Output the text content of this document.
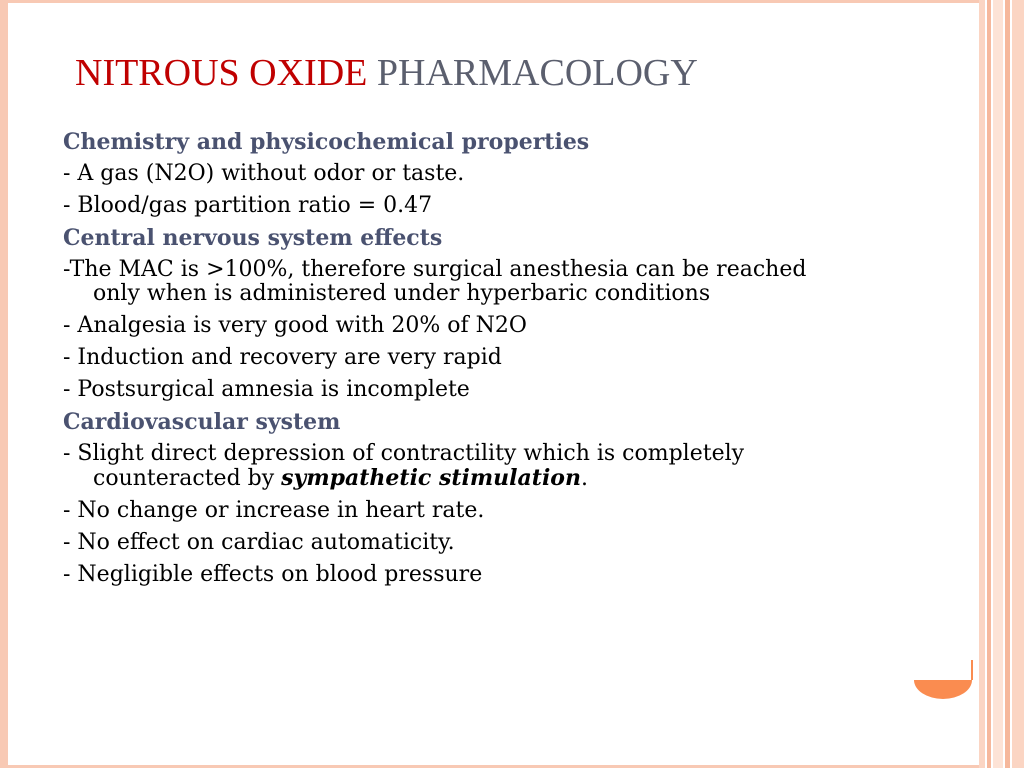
NITROUS OXIDE PHARMACOLOGY
Chemistry and physicochemical properties
- A gas (N2O) without odor or taste.
- Blood/gas partition ratio = 0.47
Central nervous system effects
-The MAC is >100%, therefore surgical anesthesia can be reached
only when is administered under hyperbaric conditions
- Analgesia is very good with 20% of N2O
- Induction and recovery are very rapid
- Postsurgical amnesia is incomplete
Cardiovascular system
- Slight direct depression of contractility which is completely
counteracted by sympathetic stimulation.
- No change or increase in heart rate.
- No effect on cardiac automaticity.
- Negligible effects on blood pressure
